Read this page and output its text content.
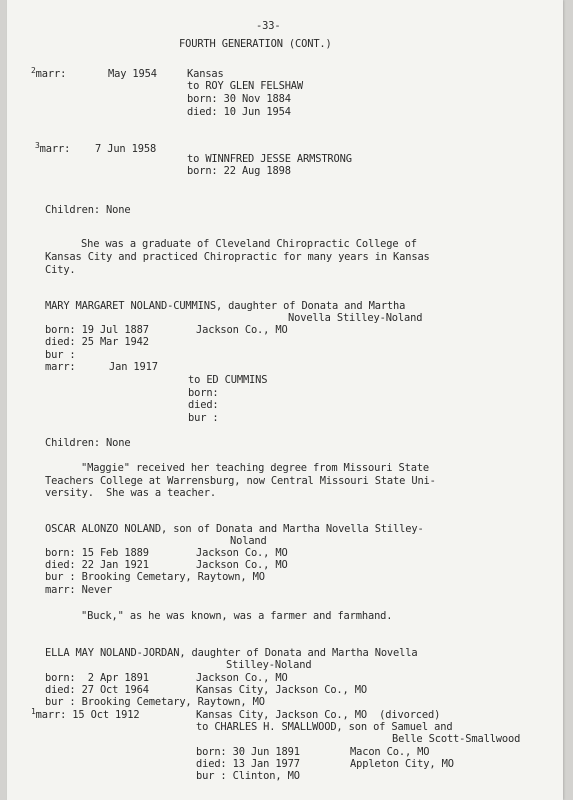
-33-
FOURTH GENERATION (CONT.)
$^2$marr:	May 1954	Kansas
to ROY GLEN FELSHAW
born: 30 Nov 1884
died: 10 Jun 1954
$^3$marr: 7 Jun 1958
to WINNFRED JESSE ARMSTRONG
born: 22 Aug 1898
Children: None
She was a graduate of Cleveland Chiropractic College of
Kansas City and practiced Chiropractic for many years in Kansas
City.
MARY MARGARET NOLAND-CUMMINS, daughter of Donata and Martha
Novella Stilley-Noland
born: 19 Jul 1887	Jackson Co., MO
died: 25 Mar 1942
bur :
marr:	Jan 1917
to ED CUMMINS
born:
died:
bur :
Children: None
"Maggie" received her teaching degree from Missouri State
Teachers College at Warrensburg, now Central Missouri State Uni-
versity.  She was a teacher.
OSCAR ALONZO NOLAND, son of Donata and Martha Novella Stilley-
Noland
born: 15 Feb 1889	Jackson Co., MO
died: 22 Jan 1921	Jackson Co., MO
bur : Brooking Cemetary, Raytown, MO
marr: Never
"Buck," as he was known, was a farmer and farmhand.
ELLA MAY NOLAND-JORDAN, daughter of Donata and Martha Novella
Stilley-Noland
born:  2 Apr 1891	Jackson Co., MO
died: 27 Oct 1964	Kansas City, Jackson Co., MO
bur : Brooking Cemetary, Raytown, MO
$^1$marr: 15 Oct 1912	Kansas City, Jackson Co., MO  (divorced)
to CHARLES H. SMALLWOOD, son of Samuel and
Belle Scott-Smallwood
born: 30 Jun 1891	Macon Co., MO
died: 13 Jan 1977	Appleton City, MO
bur : Clinton, MO
